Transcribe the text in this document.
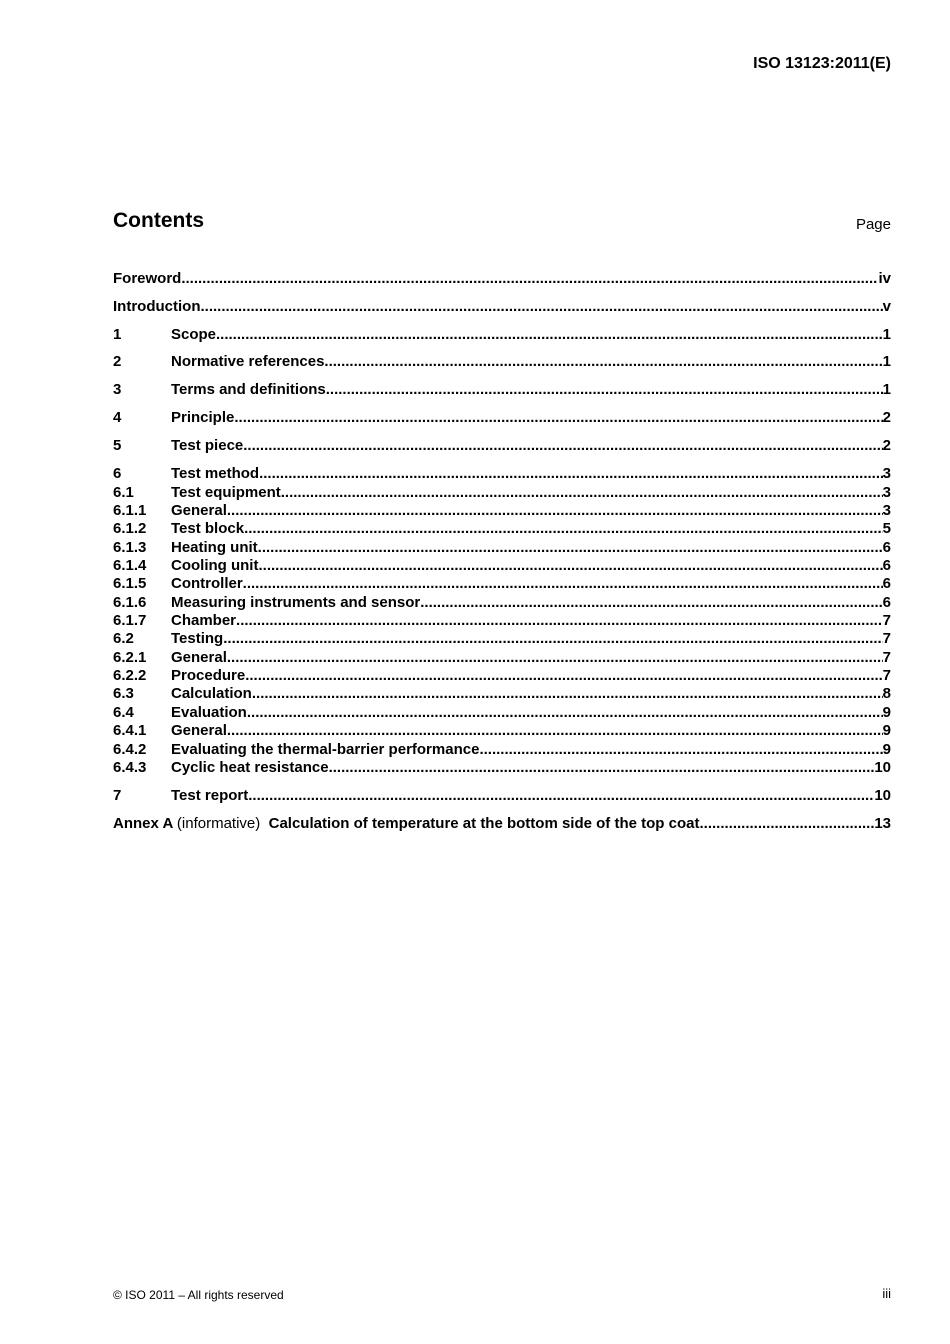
ISO 13123:2011(E)
Contents	Page
Foreword .....	iv
Introduction .....	v
1	Scope .....	1
2	Normative references .....	1
3	Terms and definitions .....	1
4	Principle .....	2
5	Test piece .....	2
6	Test method .....	3
6.1	Test equipment .....	3
6.1.1	General .....	3
6.1.2	Test block .....	5
6.1.3	Heating unit .....	6
6.1.4	Cooling unit .....	6
6.1.5	Controller .....	6
6.1.6	Measuring instruments and sensor .....	6
6.1.7	Chamber .....	7
6.2	Testing .....	7
6.2.1	General .....	7
6.2.2	Procedure .....	7
6.3	Calculation .....	8
6.4	Evaluation .....	9
6.4.1	General .....	9
6.4.2	Evaluating the thermal-barrier performance .....	9
6.4.3	Cyclic heat resistance .....	10
7	Test report .....	10
Annex A (informative) Calculation of temperature at the bottom side of the top coat .....	13
© ISO 2011 – All rights reserved	iii
